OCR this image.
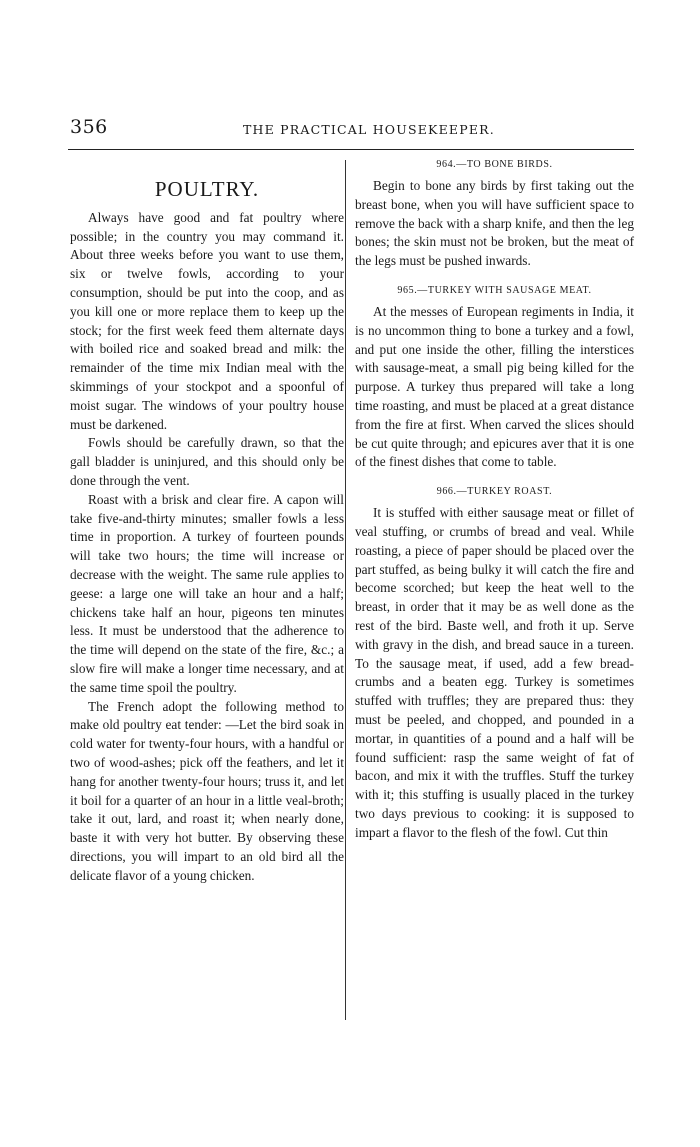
356	THE PRACTICAL HOUSEKEEPER.
POULTRY.

Always have good and fat poultry where possible; in the country you may command it. About three weeks before you want to use them, six or twelve fowls, according to your consumption, should be put into the coop, and as you kill one or more replace them to keep up the stock; for the first week feed them alternate days with boiled rice and soaked bread and milk: the remainder of the time mix Indian meal with the skimmings of your stockpot and a spoonful of moist sugar. The windows of your poultry house must be darkened.

Fowls should be carefully drawn, so that the gall bladder is uninjured, and this should only be done through the vent.

Roast with a brisk and clear fire. A capon will take five-and-thirty minutes; smaller fowls a less time in proportion. A turkey of fourteen pounds will take two hours; the time will increase or decrease with the weight. The same rule applies to geese: a large one will take an hour and a half; chickens take half an hour, pigeons ten minutes less. It must be understood that the adherence to the time will depend on the state of the fire, &c.; a slow fire will make a longer time necessary, and at the same time spoil the poultry.

The French adopt the following method to make old poultry eat tender: —Let the bird soak in cold water for twenty-four hours, with a handful or two of wood-ashes; pick off the feathers, and let it hang for another twenty-four hours; truss it, and let it boil for a quarter of an hour in a little veal-broth; take it out, lard, and roast it; when nearly done, baste it with very hot butter. By observing these directions, you will impart to an old bird all the delicate flavor of a young chicken.

964.—TO BONE BIRDS.

Begin to bone any birds by first taking out the breast bone, when you will have sufficient space to remove the back with a sharp knife, and then the leg bones; the skin must not be broken, but the meat of the legs must be pushed inwards.

965.—TURKEY WITH SAUSAGE MEAT.

At the messes of European regiments in India, it is no uncommon thing to bone a turkey and a fowl, and put one inside the other, filling the interstices with sausage-meat, a small pig being killed for the purpose. A turkey thus prepared will take a long time roasting, and must be placed at a great distance from the fire at first. When carved the slices should be cut quite through; and epicures aver that it is one of the finest dishes that come to table.

966.—TURKEY ROAST.

It is stuffed with either sausage meat or fillet of veal stuffing, or crumbs of bread and veal. While roasting, a piece of paper should be placed over the part stuffed, as being bulky it will catch the fire and become scorched; but keep the heat well to the breast, in order that it may be as well done as the rest of the bird. Baste well, and froth it up. Serve with gravy in the dish, and bread sauce in a tureen. To the sausage meat, if used, add a few bread-crumbs and a beaten egg. Turkey is sometimes stuffed with truffles; they are prepared thus: they must be peeled, and chopped, and pounded in a mortar, in quantities of a pound and a half will be found sufficient: rasp the same weight of fat of bacon, and mix it with the truffles. Stuff the turkey with it; this stuffing is usually placed in the turkey two days previous to cooking: it is supposed to impart a flavor to the flesh of the fowl. Cut thin
